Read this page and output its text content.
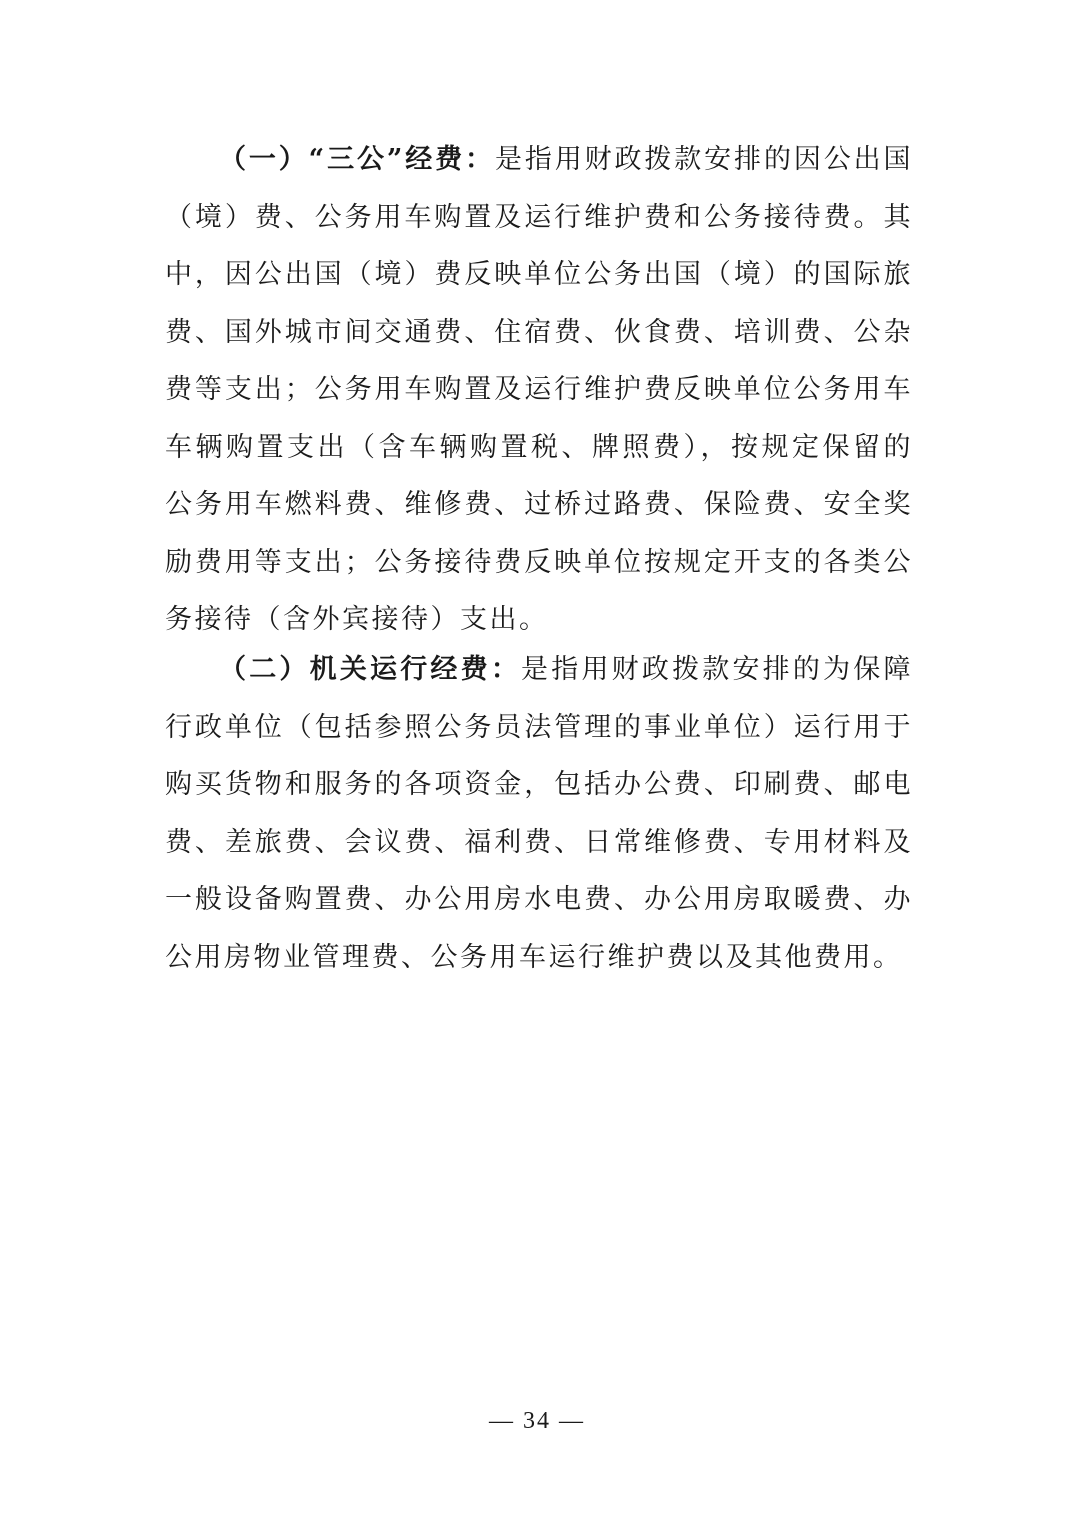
（一）“三公”经费：是指用财政拨款安排的因公出国（境）费、公务用车购置及运行维护费和公务接待费。其中，因公出国（境）费反映单位公务出国（境）的国际旅费、国外城市间交通费、住宿费、伙食费、培训费、公杂费等支出；公务用车购置及运行维护费反映单位公务用车车辆购置支出（含车辆购置税、牌照费），按规定保留的公务用车燃料费、维修费、过桥过路费、保险费、安全奖励费用等支出；公务接待费反映单位按规定开支的各类公务接待（含外宾接待）支出。

（二）机关运行经费：是指用财政拨款安排的为保障行政单位（包括参照公务员法管理的事业单位）运行用于购买货物和服务的各项资金，包括办公费、印刷费、邮电费、差旅费、会议费、福利费、日常维修费、专用材料及一般设备购置费、办公用房水电费、办公用房取暖费、办公用房物业管理费、公务用车运行维护费以及其他费用。

— 34 —
